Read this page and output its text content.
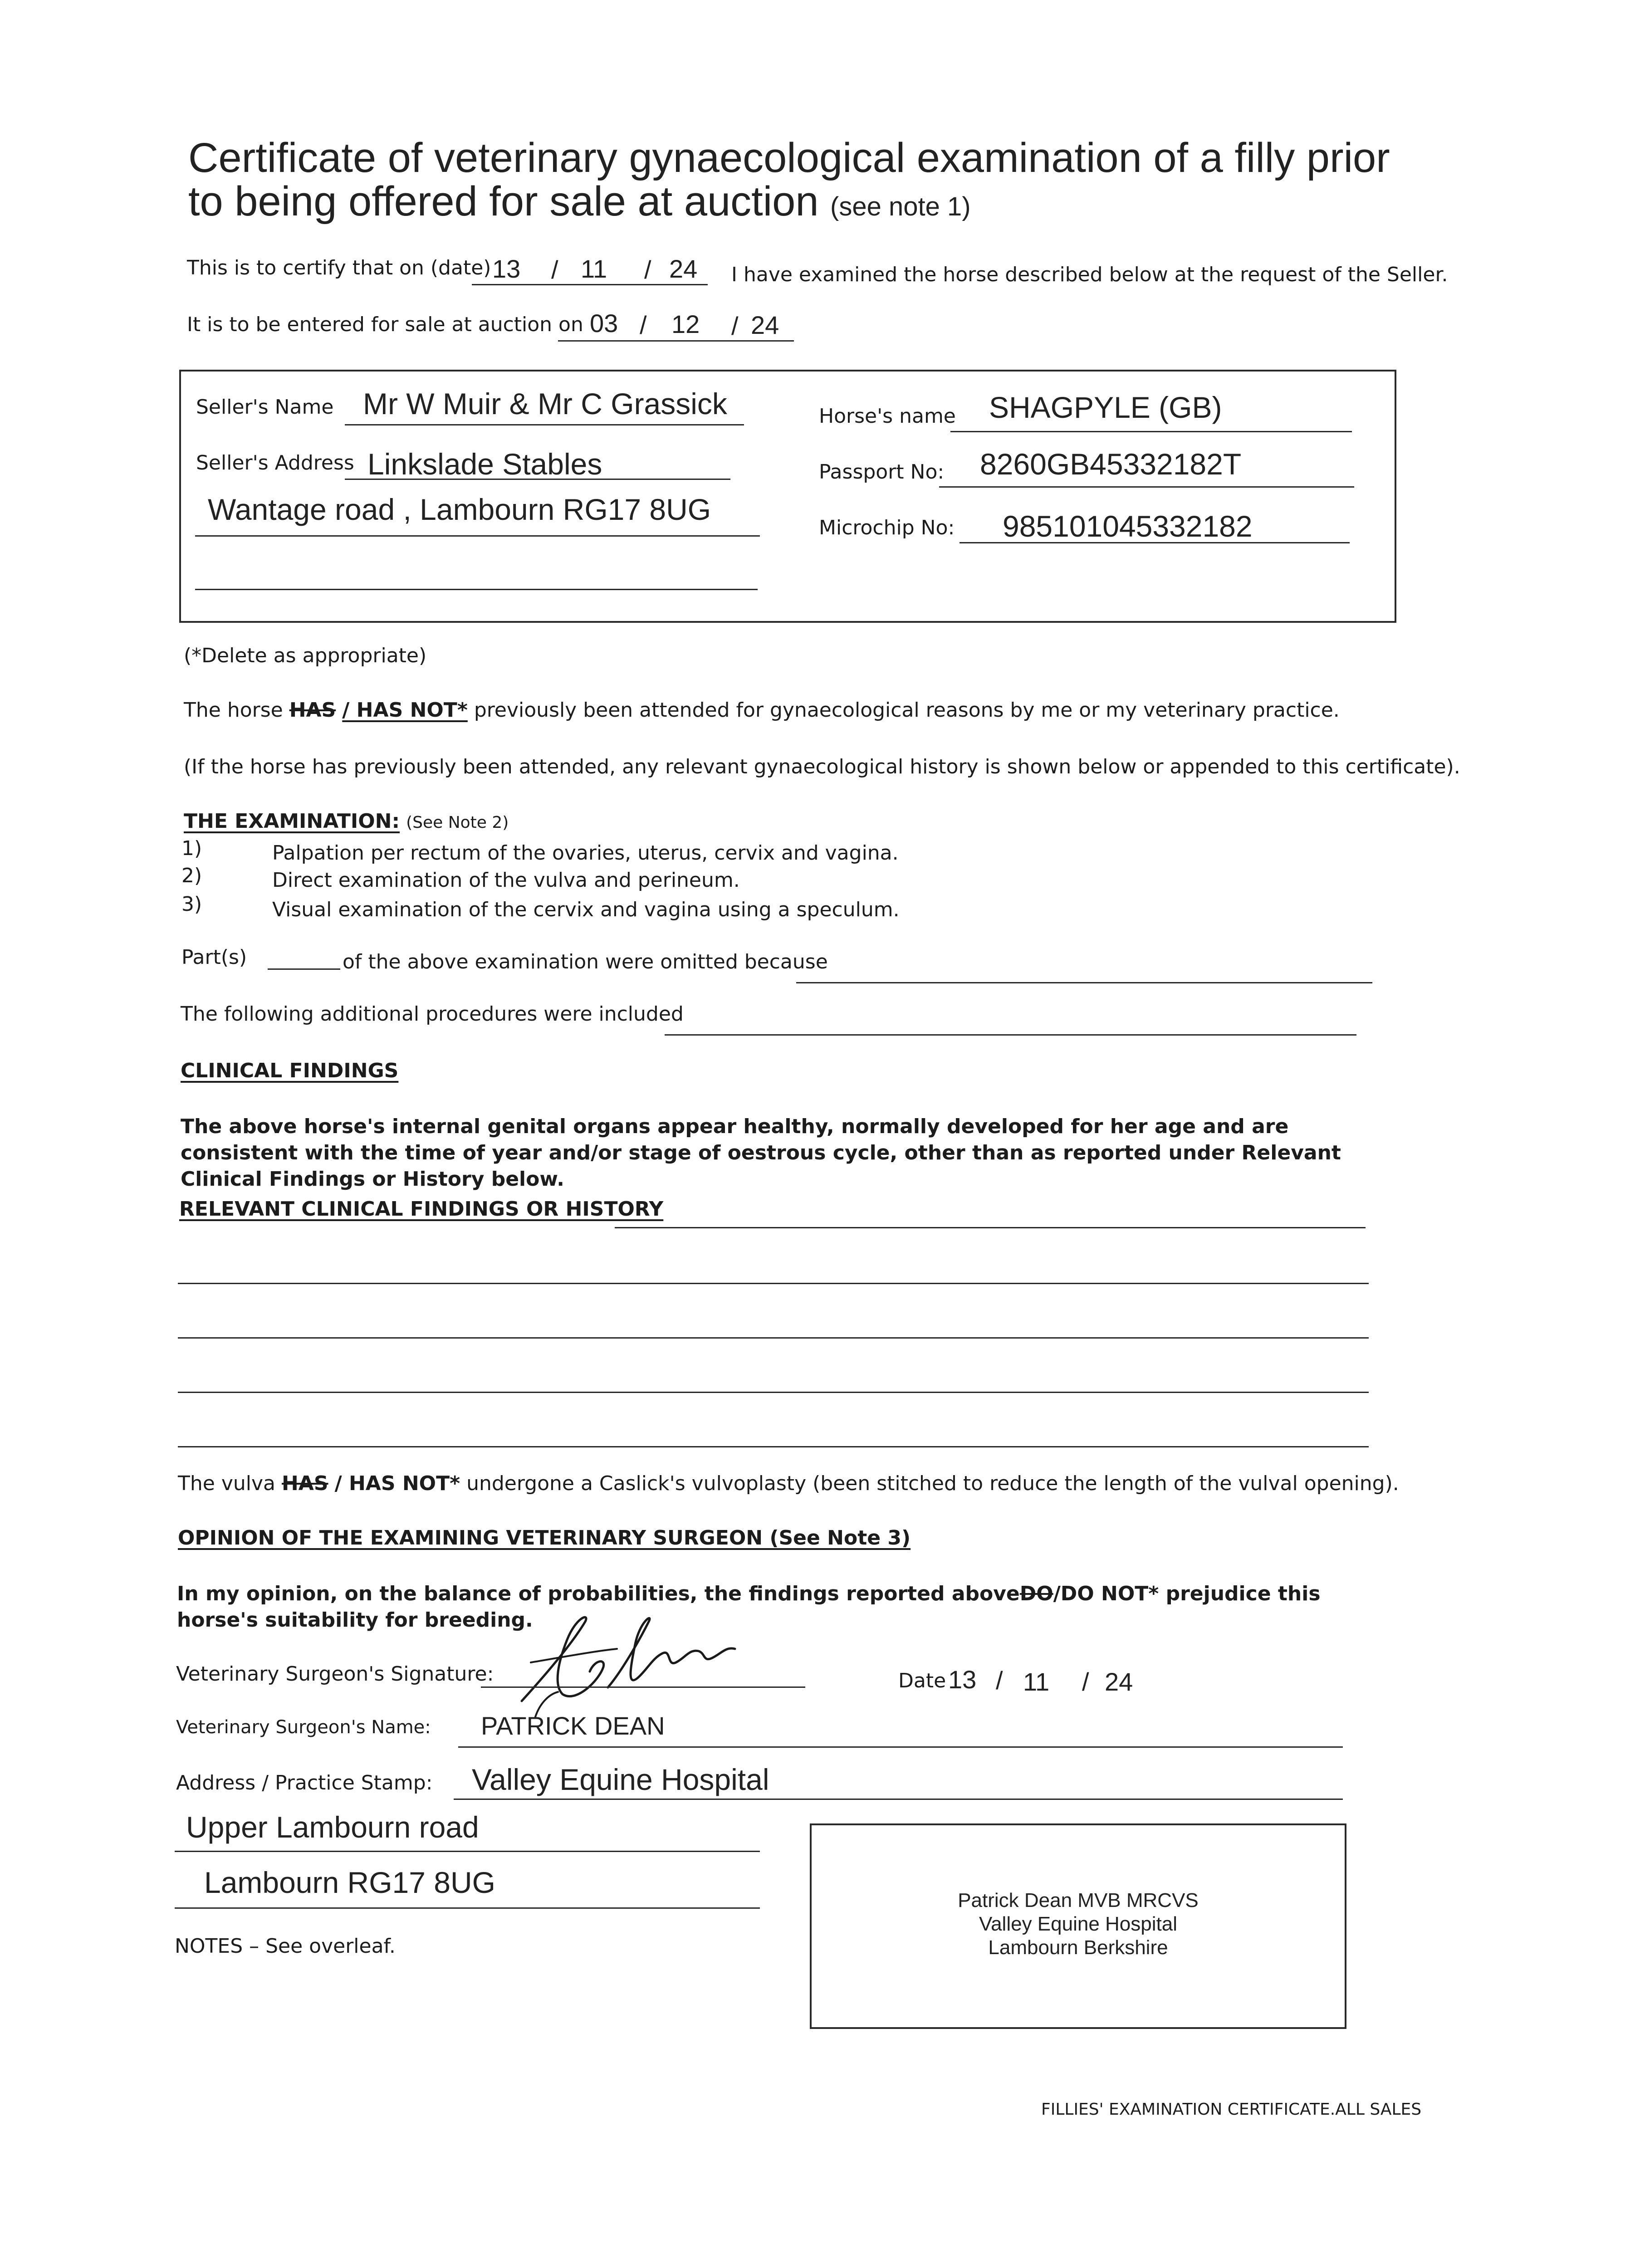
Certificate of veterinary gynaecological examination of a filly prior to being offered for sale at auction (see note 1)
This is to certify that on (date) 13 / 11 / 24 I have examined the horse described below at the request of the Seller.
It is to be entered for sale at auction on 03 / 12 / 24
Seller's Name Mr W Muir & Mr C Grassick
Seller's Address Linkslade Stables
Wantage road , Lambourn RG17 8UG
Horse's name SHAGPYLE (GB)
Passport No: 8260GB45332182T
Microchip No: 985101045332182
(*Delete as appropriate)
The horse HAS / HAS NOT* previously been attended for gynaecological reasons by me or my veterinary practice.
(If the horse has previously been attended, any relevant gynaecological history is shown below or appended to this certificate).
THE EXAMINATION: (See Note 2)
1)	Palpation per rectum of the ovaries, uterus, cervix and vagina.
2)	Direct examination of the vulva and perineum.
3)	Visual examination of the cervix and vagina using a speculum.
Part(s)	of the above examination were omitted because
The following additional procedures were included
CLINICAL FINDINGS
The above horse's internal genital organs appear healthy, normally developed for her age and are consistent with the time of year and/or stage of oestrous cycle, other than as reported under Relevant Clinical Findings or History below.
RELEVANT CLINICAL FINDINGS OR HISTORY
The vulva HAS / HAS NOT* undergone a Caslick's vulvoplasty (been stitched to reduce the length of the vulval opening).
OPINION OF THE EXAMINING VETERINARY SURGEON (See Note 3)
In my opinion, on the balance of probabilities, the findings reported aboveDO/DO NOT* prejudice this horse's suitability for breeding.
Veterinary Surgeon's Signature:	Date 13 / 11 / 24
Veterinary Surgeon's Name: PATRICK DEAN
Address / Practice Stamp: Valley Equine Hospital
Upper Lambourn road
Lambourn RG17 8UG
Patrick Dean MVB MRCVS
Valley Equine Hospital
Lambourn Berkshire
NOTES – See overleaf.
FILLIES' EXAMINATION CERTIFICATE.ALL SALES
